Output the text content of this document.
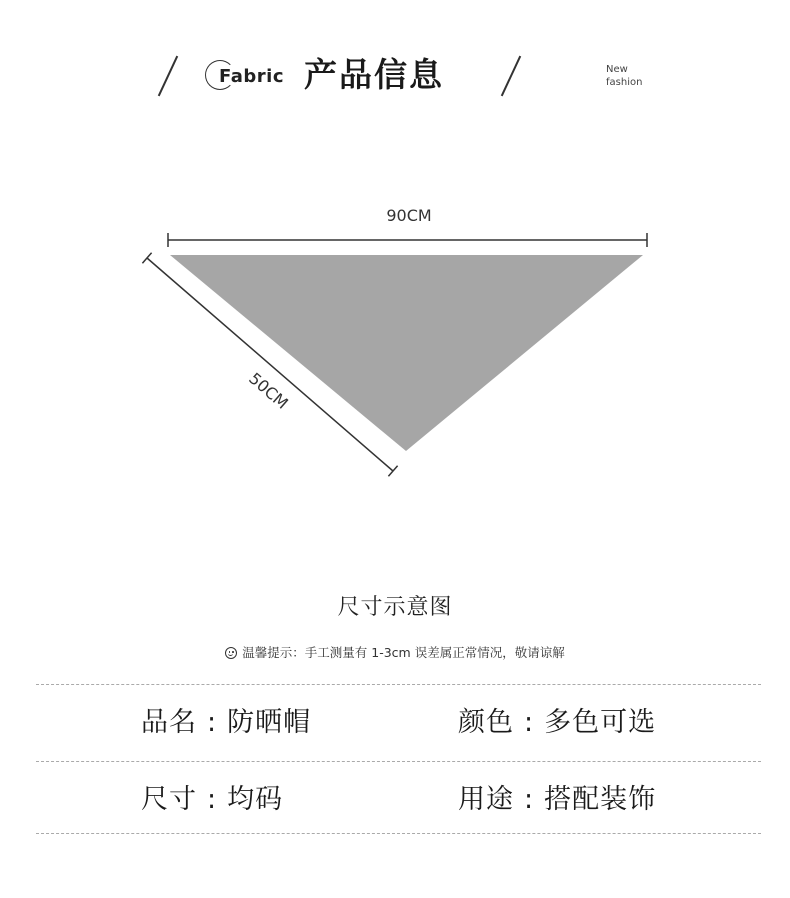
Fabric 产品信息	New
fashion
90CM
50CM
尺寸示意图
温馨提示：手工测量有 1-3cm 误差属正常情况，敬请谅解
品名 : 防晒帽	颜色 : 多色可选
尺寸 : 均码	用途 : 搭配装饰
